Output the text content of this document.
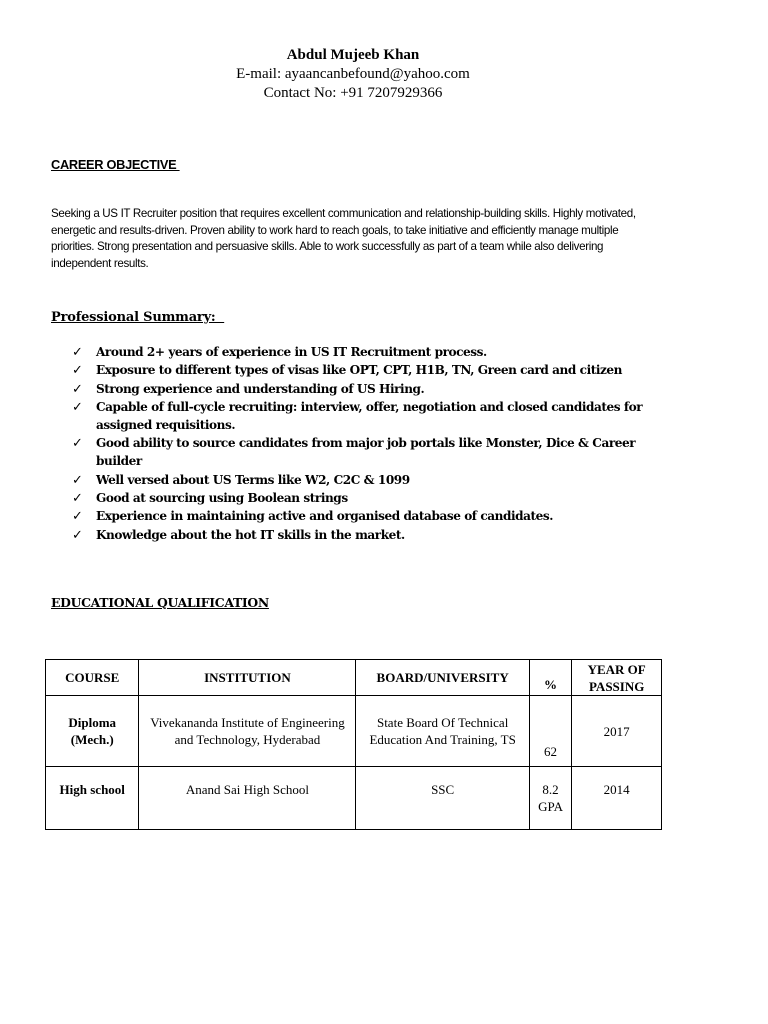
Abdul Mujeeb Khan
E-mail: ayaancanbefound@yahoo.com
Contact No: +91 7207929366
CAREER OBJECTIVE
Seeking a US IT Recruiter position that requires excellent communication and relationship-building skills. Highly motivated, energetic and results-driven. Proven ability to work hard to reach goals, to take initiative and efficiently manage multiple priorities. Strong presentation and persuasive skills. Able to work successfully as part of a team while also delivering independent results.
Professional Summary:
✓ Around 2+ years of experience in US IT Recruitment process.
✓ Exposure to different types of visas like OPT, CPT, H1B, TN, Green card and citizen
✓ Strong experience and understanding of US Hiring.
✓ Capable of full-cycle recruiting: interview, offer, negotiation and closed candidates for assigned requisitions.
✓ Good ability to source candidates from major job portals like Monster, Dice & Career builder
✓ Well versed about US Terms like W2, C2C & 1099
✓ Good at sourcing using Boolean strings
✓ Experience in maintaining active and organised database of candidates.
✓ Knowledge about the hot IT skills in the market.
EDUCATIONAL QUALIFICATION
COURSE	INSTITUTION	BOARD/UNIVERSITY	%	YEAR OF PASSING
Diploma (Mech.)	Vivekananda Institute of Engineering and Technology, Hyderabad	State Board Of Technical Education And Training, TS	62	2017
High school	Anand Sai High School	SSC	8.2 GPA	2014
